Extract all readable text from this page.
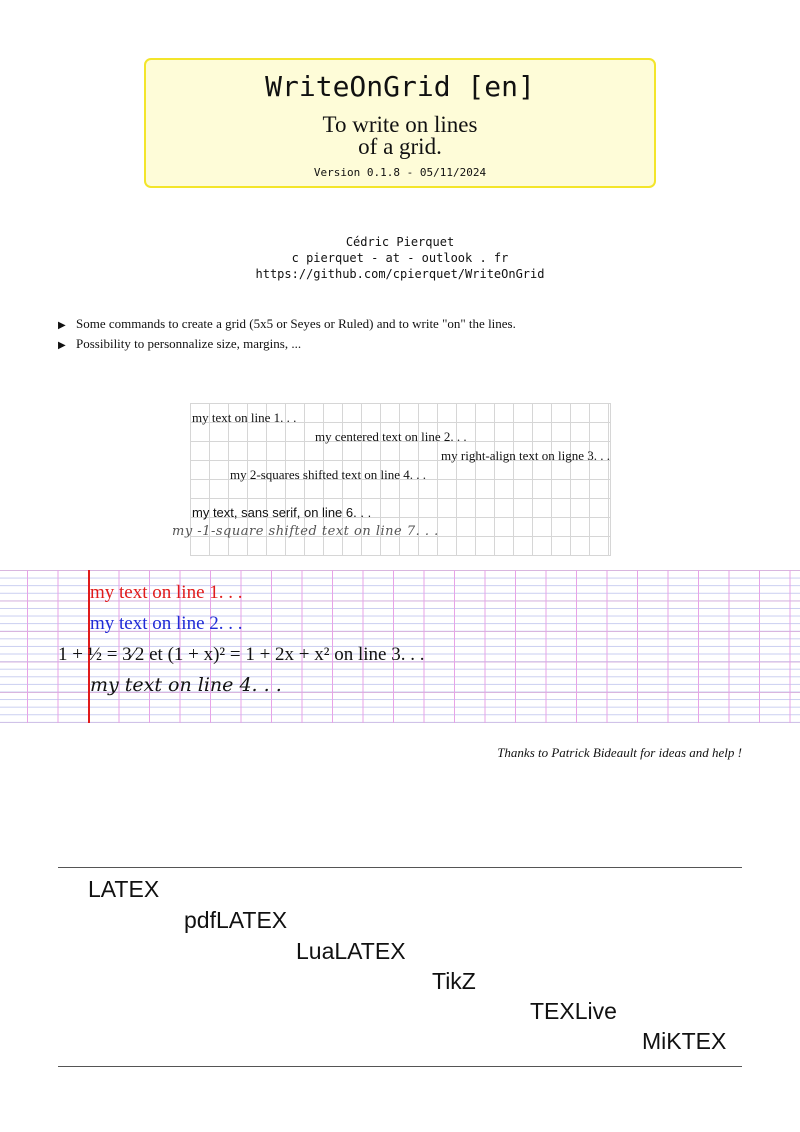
WriteOnGrid [en]
To write on lines
of a grid.
Version 0.1.8 - 05/11/2024
Cédric Pierquet
c pierquet - at - outlook . fr
https://github.com/cpierquet/WriteOnGrid
▶ Some commands to create a grid (5x5 or Seyes or Ruled) and to write "on" the lines.
▶ Possibility to personnalize size, margins, ...
my text on line 1. . .
my centered text on line 2. . .
my right-align text on ligne 3. . .
my 2-squares shifted text on line 4. . .
my text, sans serif, on line 6. . .
my -1-square shifted text on line 7. . .
my text on line 1. . .
my text on line 2. . .
1 + ½ = 3⁄2 et (1 + x)² = 1 + 2x + x² on line 3. . .
my text on line 4. . .
Thanks to Patrick Bideault for ideas and help !
LATEX
pdfLATEX
LuaLATEX
TikZ
TEXLive
MiKTEX
